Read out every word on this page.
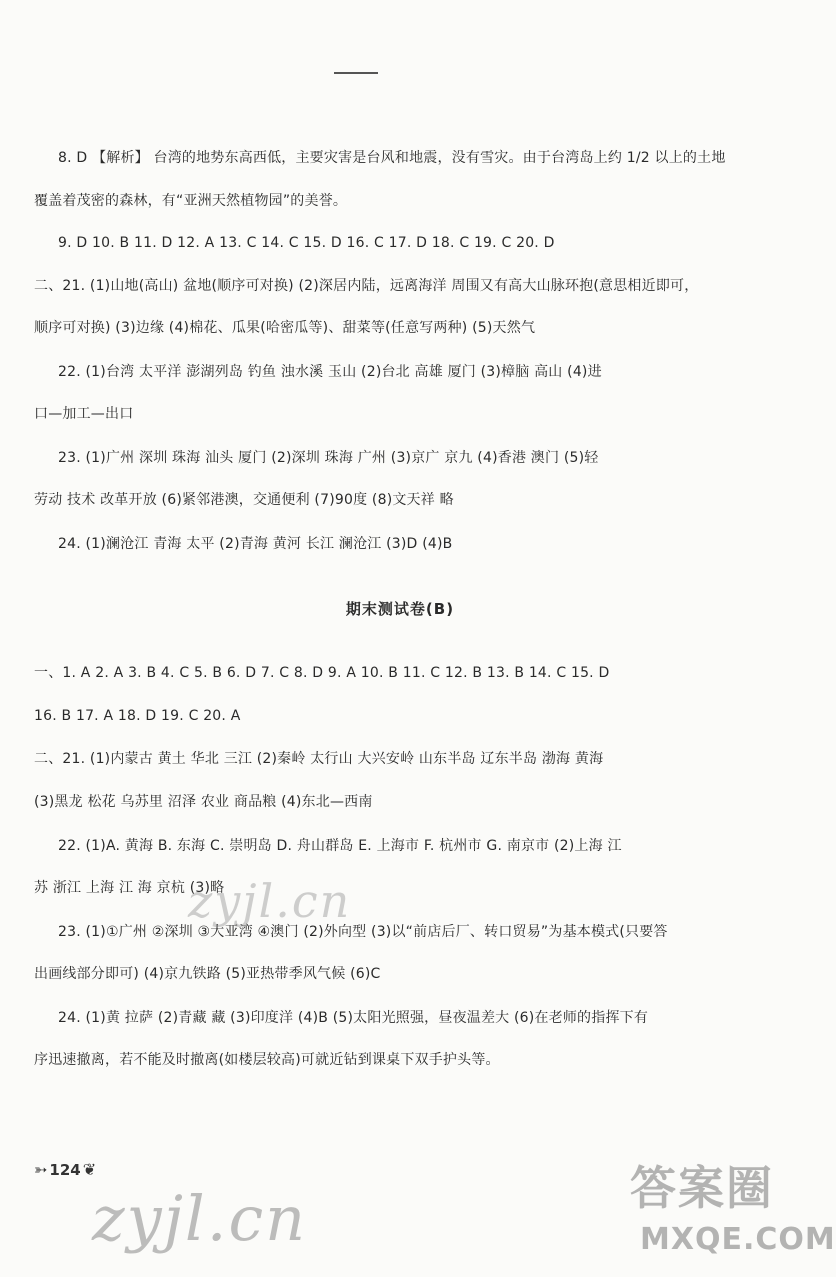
8. D 【解析】 台湾的地势东高西低，主要灾害是台风和地震，没有雪灾。由于台湾岛上约 1/2 以上的土地
覆盖着茂密的森林，有“亚洲天然植物园”的美誉。
9. D 10. B 11. D 12. A 13. C 14. C 15. D 16. C 17. D 18. C 19. C 20. D
二、21. (1)山地(高山) 盆地(顺序可对换) (2)深居内陆，远离海洋 周围又有高大山脉环抱(意思相近即可，
顺序可对换) (3)边缘 (4)棉花、瓜果(哈密瓜等)、甜菜等(任意写两种) (5)天然气
22. (1)台湾 太平洋 澎湖列岛 钓鱼 浊水溪 玉山 (2)台北 高雄 厦门 (3)樟脑 高山 (4)进
口—加工—出口
23. (1)广州 深圳 珠海 汕头 厦门 (2)深圳 珠海 广州 (3)京广 京九 (4)香港 澳门 (5)轻
劳动 技术 改革开放 (6)紧邻港澳，交通便利 (7)90度 (8)文天祥 略
24. (1)澜沧江 青海 太平 (2)青海 黄河 长江 澜沧江 (3)D (4)B
期末测试卷(B)
一、1. A 2. A 3. B 4. C 5. B 6. D 7. C 8. D 9. A 10. B 11. C 12. B 13. B 14. C 15. D
16. B 17. A 18. D 19. C 20. A
二、21. (1)内蒙古 黄土 华北 三江 (2)秦岭 太行山 大兴安岭 山东半岛 辽东半岛 渤海 黄海
(3)黑龙 松花 乌苏里 沼泽 农业 商品粮 (4)东北—西南
22. (1)A. 黄海 B. 东海 C. 崇明岛 D. 舟山群岛 E. 上海市 F. 杭州市 G. 南京市 (2)上海 江
苏 浙江 上海 江 海 京杭 (3)略
23. (1)①广州 ②深圳 ③大亚湾 ④澳门 (2)外向型 (3)以“前店后厂、转口贸易”为基本模式(只要答
出画线部分即可) (4)京九铁路 (5)亚热带季风气候 (6)C
24. (1)黄 拉萨 (2)青藏 藏 (3)印度洋 (4)B (5)太阳光照强，昼夜温差大 (6)在老师的指挥下有
序迅速撤离，若不能及时撤离(如楼层较高)可就近钻到课桌下双手护头等。
zyjl.cn
➳ 124 ❦
zyjl.cn	答案圈
MXQE.COM
